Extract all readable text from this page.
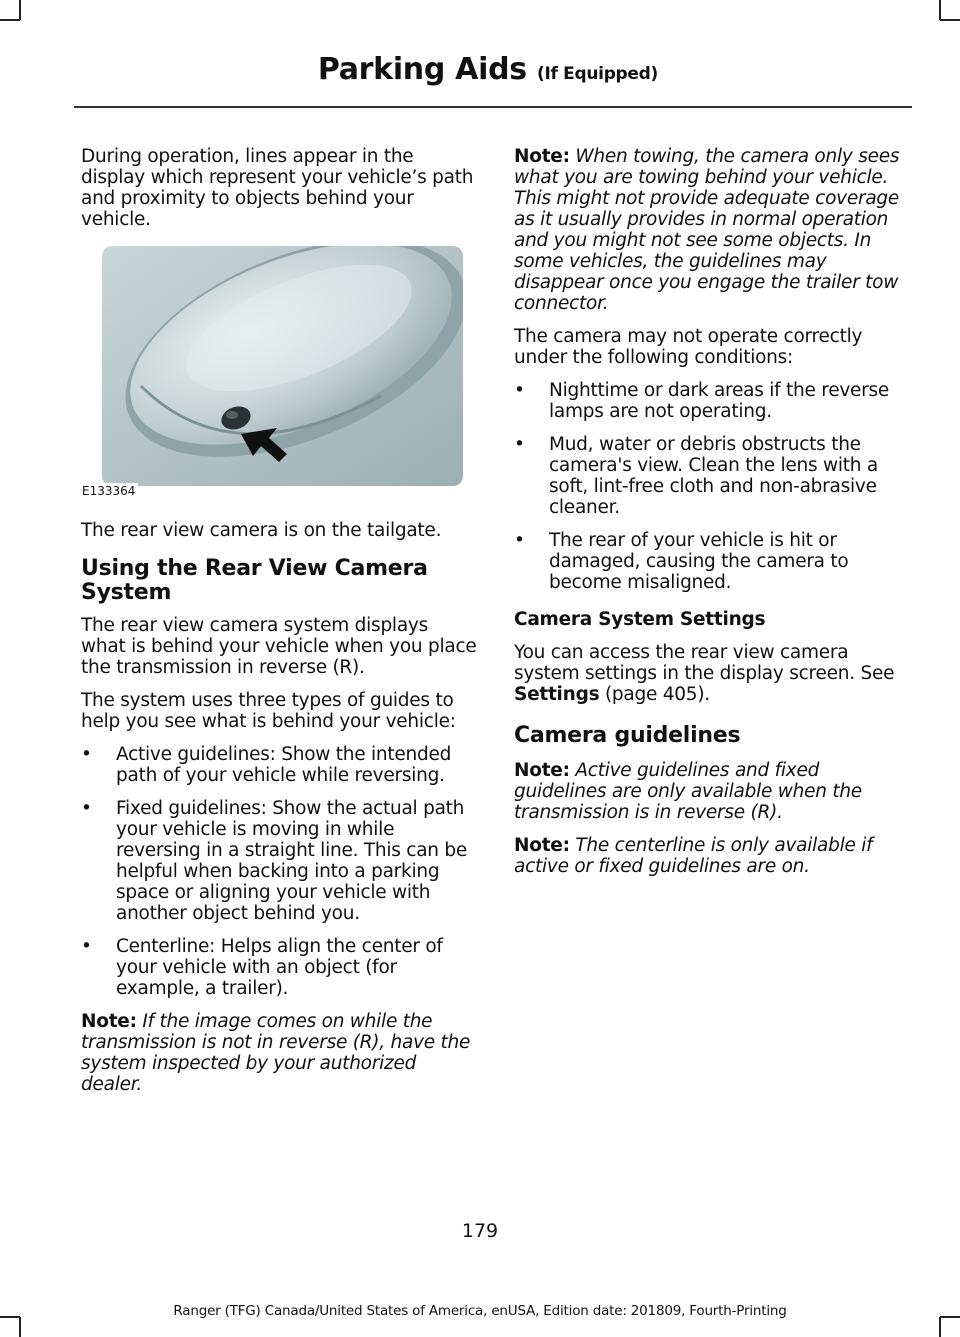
Parking Aids (If Equipped)

During operation, lines appear in the display which represent your vehicle’s path and proximity to objects behind your vehicle.

E133364

The rear view camera is on the tailgate.

Using the Rear View Camera System

The rear view camera system displays what is behind your vehicle when you place the transmission in reverse (R).

The system uses three types of guides to help you see what is behind your vehicle:

• Active guidelines: Show the intended path of your vehicle while reversing.
• Fixed guidelines: Show the actual path your vehicle is moving in while reversing in a straight line. This can be helpful when backing into a parking space or aligning your vehicle with another object behind you.
• Centerline: Helps align the center of your vehicle with an object (for example, a trailer).

Note: If the image comes on while the transmission is not in reverse (R), have the system inspected by your authorized dealer.

Note: When towing, the camera only sees what you are towing behind your vehicle. This might not provide adequate coverage as it usually provides in normal operation and you might not see some objects. In some vehicles, the guidelines may disappear once you engage the trailer tow connector.

The camera may not operate correctly under the following conditions:

• Nighttime or dark areas if the reverse lamps are not operating.
• Mud, water or debris obstructs the camera's view. Clean the lens with a soft, lint-free cloth and non-abrasive cleaner.
• The rear of your vehicle is hit or damaged, causing the camera to become misaligned.
Camera System Settings

You can access the rear view camera system settings in the display screen. See Settings (page 405).

Camera guidelines

Note: Active guidelines and fixed guidelines are only available when the transmission is in reverse (R).

Note: The centerline is only available if active or fixed guidelines are on.

179
Ranger (TFG) Canada/United States of America, enUSA, Edition date: 201809, Fourth-Printing
